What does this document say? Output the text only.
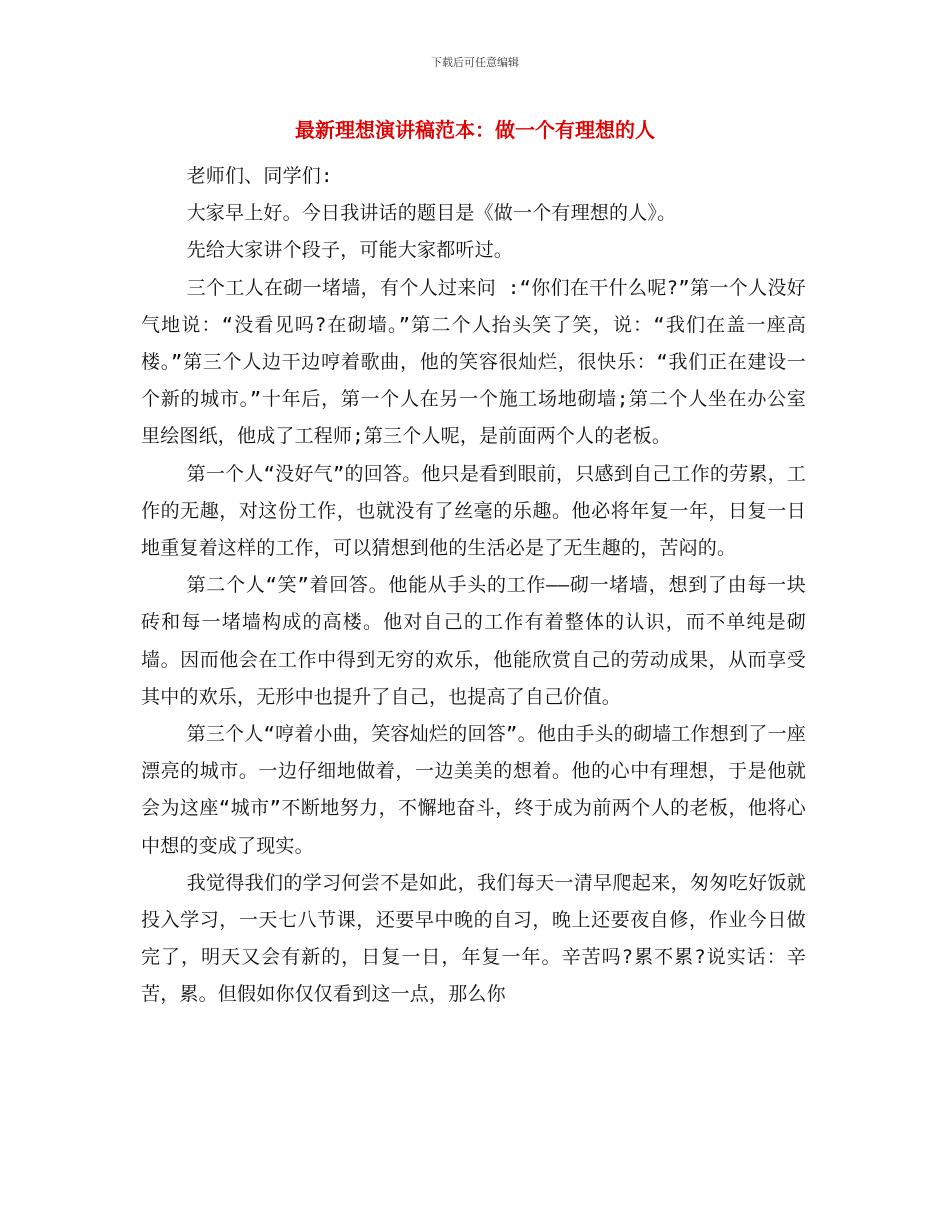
下载后可任意编辑
最新理想演讲稿范本：做一个有理想的人

老师们、同学们:

大家早上好。今日我讲话的题目是《做一个有理想的人》。

先给大家讲个段子，可能大家都听过。

三个工人在砌一堵墙，有个人过来问 :“你们在干什么呢?”第一个人没好气地说：“没看见吗?在砌墙。”第二个人抬头笑了笑，说：“我们在盖一座高楼。”第三个人边干边哼着歌曲，他的笑容很灿烂，很快乐：“我们正在建设一个新的城市。”十年后，第一个人在另一个施工场地砌墙;第二个人坐在办公室里绘图纸，他成了工程师;第三个人呢，是前面两个人的老板。

第一个人“没好气”的回答。他只是看到眼前，只感到自己工作的劳累，工作的无趣，对这份工作，也就没有了丝毫的乐趣。他必将年复一年，日复一日地重复着这样的工作，可以猜想到他的生活必是了无生趣的，苦闷的。

第二个人“笑”着回答。他能从手头的工作——砌一堵墙，想到了由每一块砖和每一堵墙构成的高楼。他对自己的工作有着整体的认识，而不单纯是砌墙。因而他会在工作中得到无穷的欢乐，他能欣赏自己的劳动成果，从而享受其中的欢乐，无形中也提升了自己，也提高了自己价值。

第三个人“哼着小曲，笑容灿烂的回答”。他由手头的砌墙工作想到了一座漂亮的城市。一边仔细地做着，一边美美的想着。他的心中有理想，于是他就会为这座“城市”不断地努力，不懈地奋斗，终于成为前两个人的老板，他将心中想的变成了现实。

我觉得我们的学习何尝不是如此，我们每天一清早爬起来，匆匆吃好饭就投入学习，一天七八节课，还要早中晚的自习，晚上还要夜自修，作业今日做完了，明天又会有新的，日复一日，年复一年。辛苦吗?累不累?说实话：辛苦，累。但假如你仅仅看到这一点，那么你
